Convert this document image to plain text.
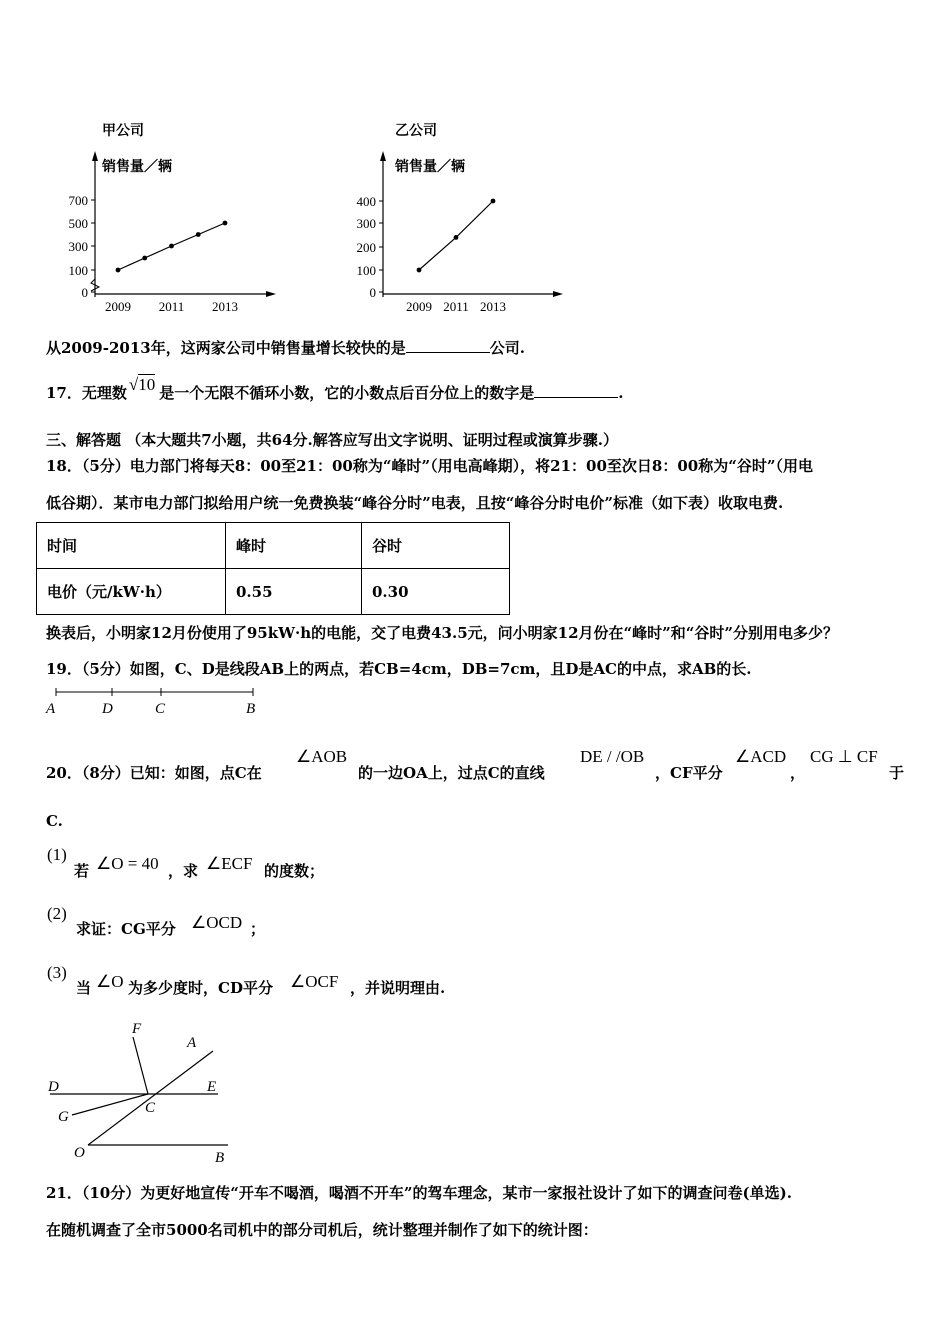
甲公司
销售量／辆
700
500
300
100
0
2009 2011 2013
乙公司
销售量／辆
400
300
200
100
0
2009 2011 2013
从2009-2013年，这两家公司中销售量增长较快的是	公司.
17．无理数 √10 是一个无限不循环小数，它的小数点后百分位上的数字是	.
三、解答题 （本大题共7小题，共64分.解答应写出文字说明、证明过程或演算步骤.）
18．（5分）电力部门将每天8：00至21：00称为“峰时”（用电高峰期），将21：00至次日8：00称为“谷时”（用电
低谷期）．某市电力部门拟给用户统一免费换装“峰谷分时”电表，且按“峰谷分时电价”标准（如下表）收取电费.
时间	峰时	谷时
电价（元/kW·h）	0.55	0.30
换表后，小明家12月份使用了95kW·h的电能，交了电费43.5元，问小明家12月份在“峰时”和“谷时”分别用电多少？
19．（5分）如图，C、D是线段AB上的两点，若CB=4cm，DB=7cm，且D是AC的中点，求AB的长.
A	D	C	B
20．（8分）已知：如图，点C在
∠AOB
的一边OA上，过点C的直线
DE / /OB
，CF平分
∠ACD
，
CG ⊥ CF
于
C.
(1)
若 ∠O = 40 ，求 ∠ECF 的度数；
(2)
求证：CG平分 ∠OCD ；
(3)
当 ∠O 为多少度时，CD平分 ∠OCF ，并说明理由.
F
A
D	E
G
C
O	B
21．（10分）为更好地宣传“开车不喝酒，喝酒不开车”的驾车理念，某市一家报社设计了如下的调查问卷(单选).
在随机调查了全市5000名司机中的部分司机后，统计整理并制作了如下的统计图：
